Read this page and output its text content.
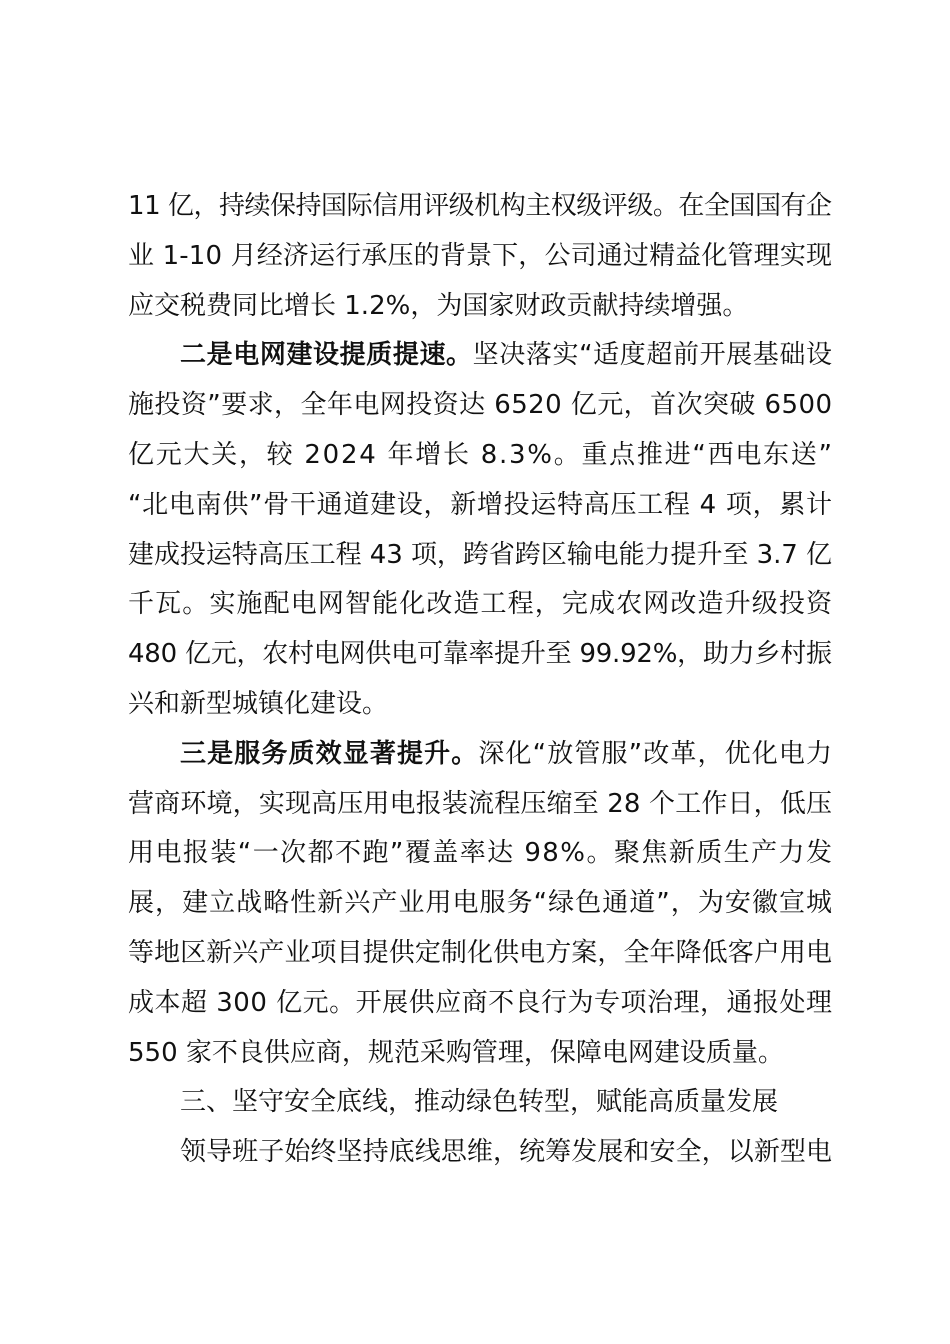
11 亿，持续保持国际信用评级机构主权级评级。在全国国有企
业 1-10 月经济运行承压的背景下，公司通过精益化管理实现
应交税费同比增长 1.2%，为国家财政贡献持续增强。
二是电网建设提质提速。坚决落实“适度超前开展基础设
施投资”要求，全年电网投资达 6520 亿元，首次突破 6500
亿元大关，较 2024 年增长 8.3%。重点推进“西电东送”
“北电南供”骨干通道建设，新增投运特高压工程 4 项，累计
建成投运特高压工程 43 项，跨省跨区输电能力提升至 3.7 亿
千瓦。实施配电网智能化改造工程，完成农网改造升级投资
480 亿元，农村电网供电可靠率提升至 99.92%，助力乡村振
兴和新型城镇化建设。
三是服务质效显著提升。深化“放管服”改革，优化电力
营商环境，实现高压用电报装流程压缩至 28 个工作日，低压
用电报装“一次都不跑”覆盖率达 98%。聚焦新质生产力发
展，建立战略性新兴产业用电服务“绿色通道”，为安徽宣城
等地区新兴产业项目提供定制化供电方案，全年降低客户用电
成本超 300 亿元。开展供应商不良行为专项治理，通报处理
550 家不良供应商，规范采购管理，保障电网建设质量。
三、坚守安全底线，推动绿色转型，赋能高质量发展
领导班子始终坚持底线思维，统筹发展和安全，以新型电
